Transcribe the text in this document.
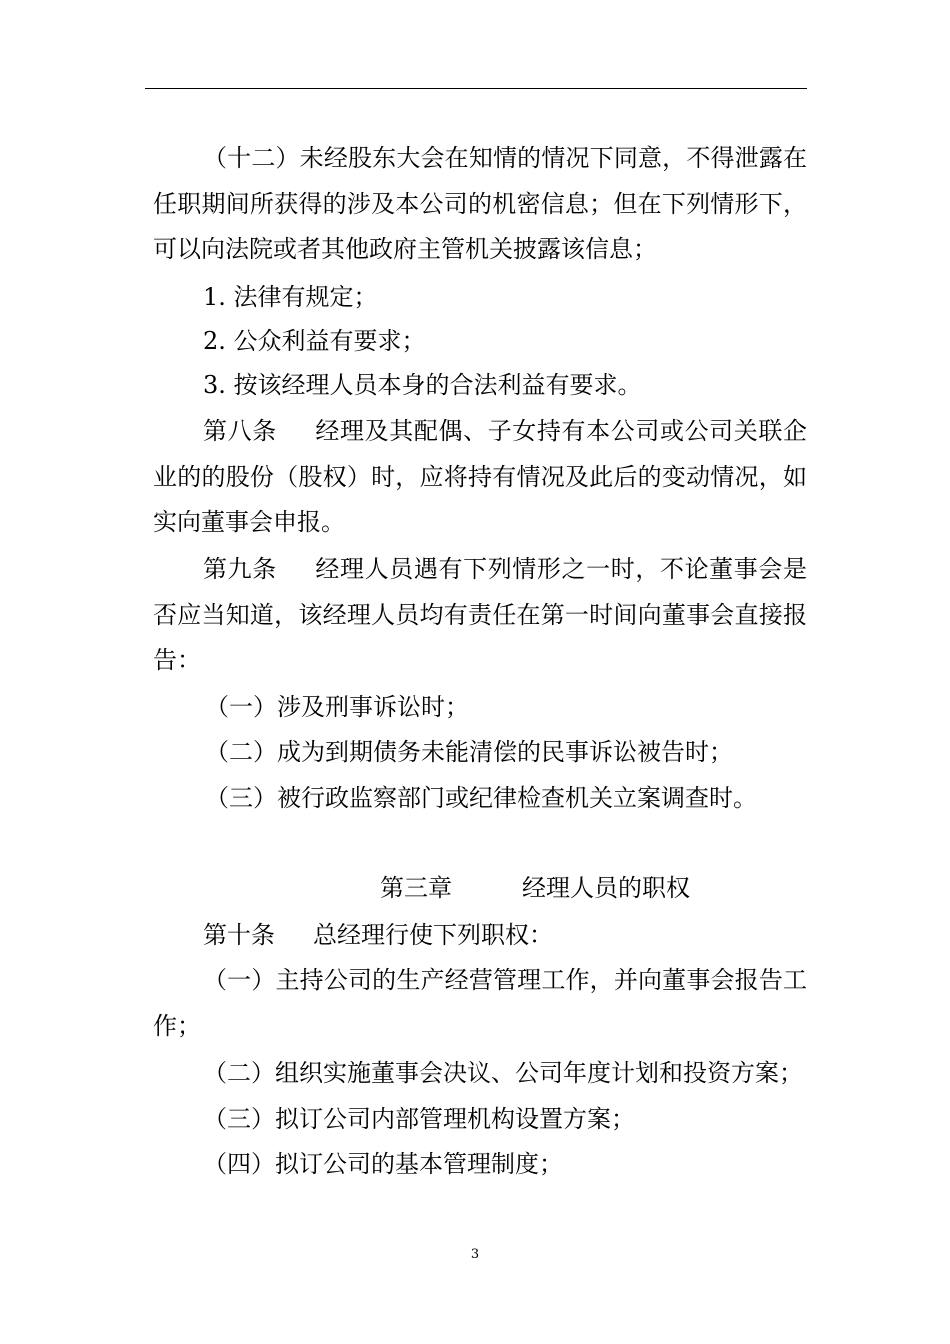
（十二）未经股东大会在知情的情况下同意，不得泄露在任职期间所获得的涉及本公司的机密信息；但在下列情形下，可以向法院或者其他政府主管机关披露该信息；

1. 法律有规定；

2. 公众利益有要求；

3. 按该经理人员本身的合法利益有要求。

第八条 经理及其配偶、子女持有本公司或公司关联企业的的股份（股权）时，应将持有情况及此后的变动情况，如实向董事会申报。

第九条 经理人员遇有下列情形之一时，不论董事会是否应当知道，该经理人员均有责任在第一时间向董事会直接报告：

（一）涉及刑事诉讼时；

（二）成为到期债务未能清偿的民事诉讼被告时；

（三）被行政监察部门或纪律检查机关立案调查时。

第三章	经理人员的职权

第十条 总经理行使下列职权：

（一）主持公司的生产经营管理工作，并向董事会报告工作；

（二）组织实施董事会决议、公司年度计划和投资方案；

（三）拟订公司内部管理机构设置方案；

（四）拟订公司的基本管理制度；

3
